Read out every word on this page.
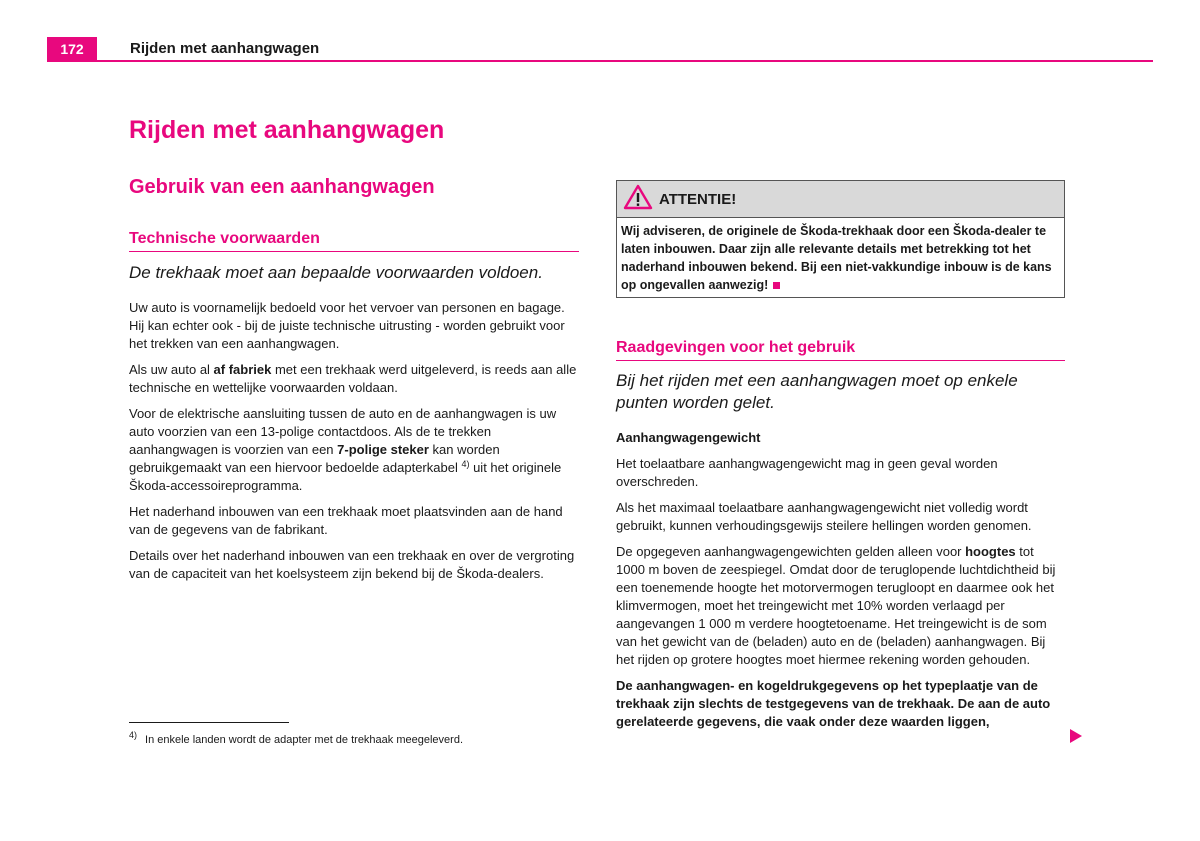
172	Rijden met aanhangwagen
Rijden met aanhangwagen
Gebruik van een aanhangwagen
Technische voorwaarden
De trekhaak moet aan bepaalde voorwaarden voldoen.

Uw auto is voornamelijk bedoeld voor het vervoer van personen en bagage. Hij kan echter ook - bij de juiste technische uitrusting - worden gebruikt voor het trekken van een aanhangwagen.

Als uw auto al af fabriek met een trekhaak werd uitgeleverd, is reeds aan alle technische en wettelijke voorwaarden voldaan.

Voor de elektrische aansluiting tussen de auto en de aanhangwagen is uw auto voorzien van een 13-polige contactdoos. Als de te trekken aanhangwagen is voorzien van een 7-polige steker kan worden gebruikgemaakt van een hiervoor bedoelde adapterkabel $^{4)}$ uit het originele Škoda-accessoireprogramma.

Het naderhand inbouwen van een trekhaak moet plaatsvinden aan de hand van de gegevens van de fabrikant.

Details over het naderhand inbouwen van een trekhaak en over de vergroting van de capaciteit van het koelsysteem zijn bekend bij de Škoda-dealers.

$^{4)}$ In enkele landen wordt de adapter met de trekhaak meegeleverd.
ATTENTIE!
Wij adviseren, de originele de Škoda-trekhaak door een Škoda-dealer te laten inbouwen. Daar zijn alle relevante details met betrekking tot het naderhand inbouwen bekend. Bij een niet-vakkundige inbouw is de kans op ongevallen aanwezig!
Raadgevingen voor het gebruik
Bij het rijden met een aanhangwagen moet op enkele punten worden gelet.

Aanhangwagengewicht

Het toelaatbare aanhangwagengewicht mag in geen geval worden overschreden.

Als het maximaal toelaatbare aanhangwagengewicht niet volledig wordt gebruikt, kunnen verhoudingsgewijs steilere hellingen worden genomen.

De opgegeven aanhangwagengewichten gelden alleen voor hoogtes tot 1000 m boven de zeespiegel. Omdat door de teruglopende luchtdichtheid bij een toenemende hoogte het motorvermogen terugloopt en daarmee ook het klimvermogen, moet het treingewicht met 10% worden verlaagd per aangevangen 1 000 m verdere hoogtetoename. Het treingewicht is de som van het gewicht van de (beladen) auto en de (beladen) aanhangwagen. Bij het rijden op grotere hoogtes moet hiermee rekening worden gehouden.

De aanhangwagen- en kogeldrukgegevens op het typeplaatje van de trekhaak zijn slechts de testgegevens van de trekhaak. De aan de auto gerelateerde gegevens, die vaak onder deze waarden liggen,
